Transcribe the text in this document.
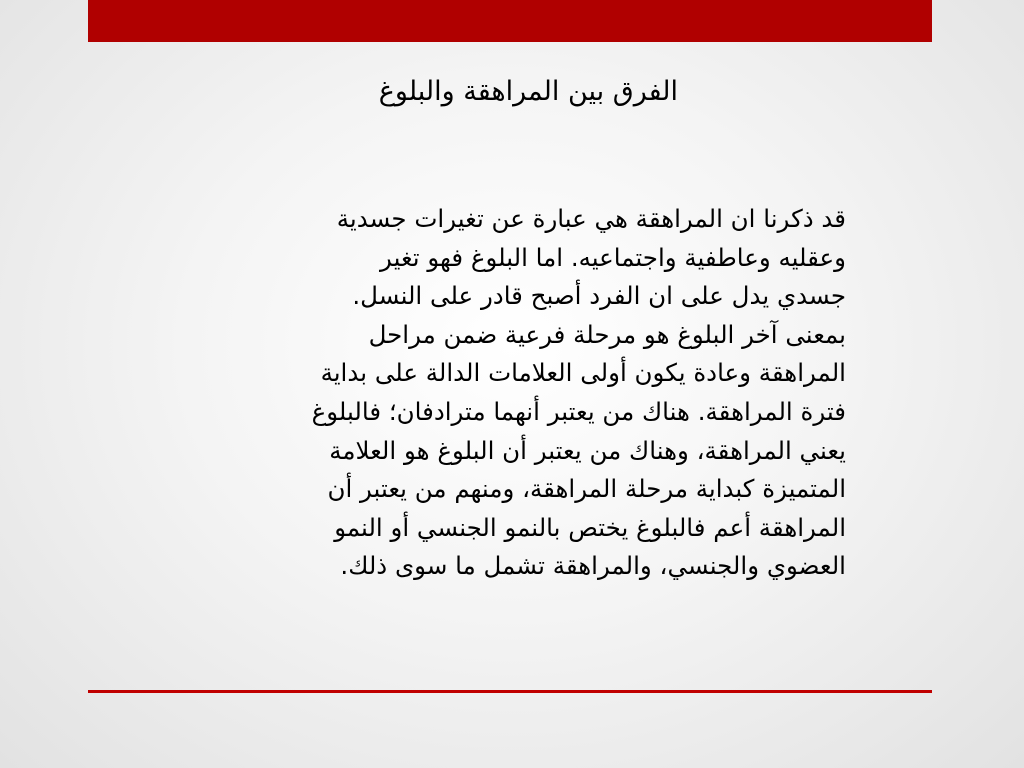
الفرق بين المراهقة والبلوغ
قد ذكرنا ان المراهقة هي عبارة عن تغيرات جسدية
وعقليه وعاطفية واجتماعيه. اما البلوغ فهو تغير
جسدي يدل على ان الفرد أصبح قادر على النسل.
بمعنى آخر البلوغ هو مرحلة فرعية ضمن مراحل
المراهقة وعادة يكون أولى العلامات الدالة على بداية
فترة المراهقة. هناك من يعتبر أنهما مترادفان؛ فالبلوغ
يعني المراهقة، وهناك من يعتبر أن البلوغ هو العلامة
المتميزة كبداية مرحلة المراهقة، ومنهم من يعتبر أن
المراهقة أعم فالبلوغ يختص بالنمو الجنسي أو النمو
العضوي والجنسي، والمراهقة تشمل ما سوى ذلك.
